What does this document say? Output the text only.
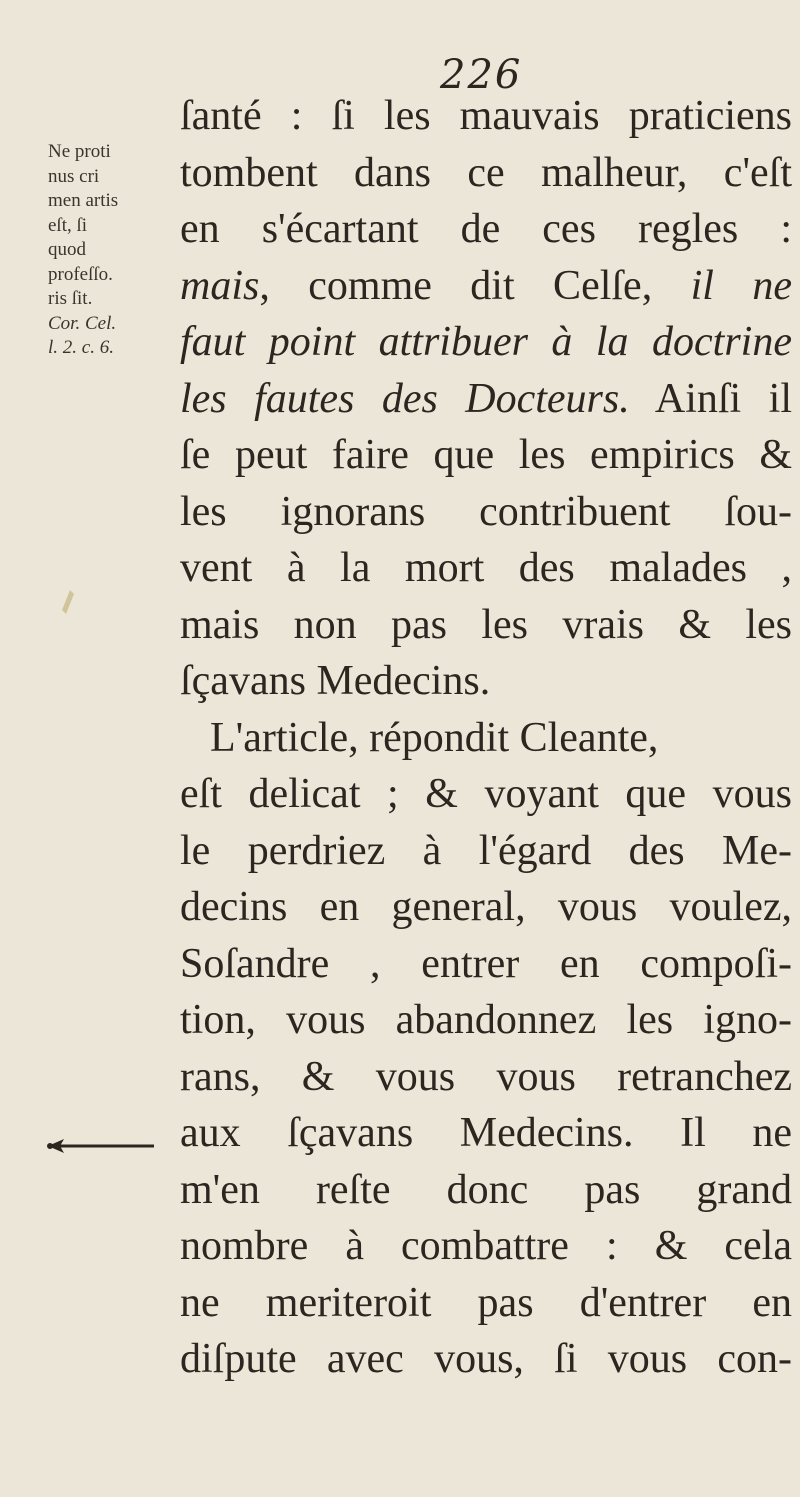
226
Ne proti
nus cri
men artis
eſt, ſi
quod
profeſſo.
ris ſit.
Cor. Cel.
l. 2. c. 6.
ſanté : ſi les mauvais praticiens
tombent dans ce malheur, c'eſt
en s'écartant de ces regles :
mais, comme dit Celſe, il ne
faut point attribuer à la doctrine
les fautes des Docteurs. Ainſi il
ſe peut faire que les empirics &
les ignorans contribuent ſou-
vent à la mort des malades ,
mais non pas les vrais & les
ſçavans Medecins.
L'article, répondit Cleante,
eſt delicat ; & voyant que vous
le perdriez à l'égard des Me-
decins en general, vous voulez,
Soſandre , entrer en compoſi-
tion, vous abandonnez les igno-
rans, & vous vous retranchez
aux ſçavans Medecins. Il ne
m'en reſte donc pas grand
nombre à combattre : & cela
ne meriteroit pas d'entrer en
diſpute avec vous, ſi vous con-
